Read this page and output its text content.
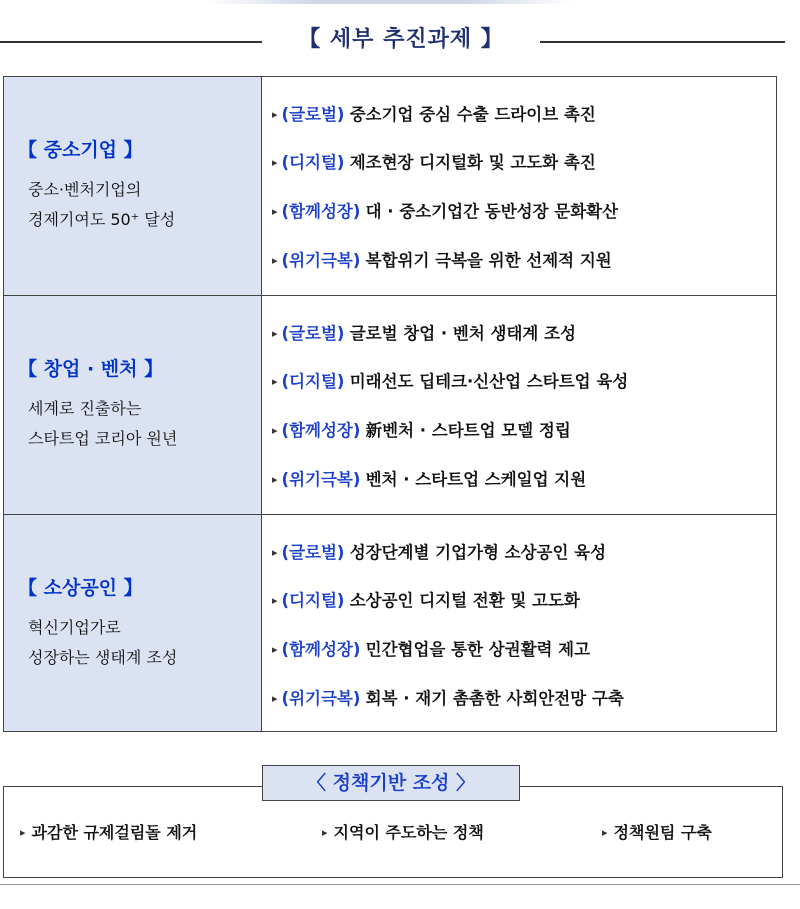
【 세부 추진과제 】
【 중소기업 】
중소·벤처기업의
경제기여도 50⁺ 달성
▸ (글로벌) 중소기업 중심 수출 드라이브 촉진
▸ (디지털) 제조현장 디지털화 및 고도화 촉진
▸ (함께성장) 대 · 중소기업간 동반성장 문화확산
▸ (위기극복) 복합위기 극복을 위한 선제적 지원
【 창업 · 벤처 】
세계로 진출하는
스타트업 코리아 원년
▸ (글로벌) 글로벌 창업 · 벤처 생태계 조성
▸ (디지털) 미래선도 딥테크·신산업 스타트업 육성
▸ (함께성장) 新벤처 · 스타트업 모델 정립
▸ (위기극복) 벤처 · 스타트업 스케일업 지원
【 소상공인 】
혁신기업가로
성장하는 생태계 조성
▸ (글로벌) 성장단계별 기업가형 소상공인 육성
▸ (디지털) 소상공인 디지털 전환 및 고도화
▸ (함께성장) 민간협업을 통한 상권활력 제고
▸ (위기극복) 회복 · 재기 촘촘한 사회안전망 구축
〈 정책기반 조성 〉
▸ 과감한 규제걸림돌 제거	▸ 지역이 주도하는 정책	▸ 정책원팀 구축
